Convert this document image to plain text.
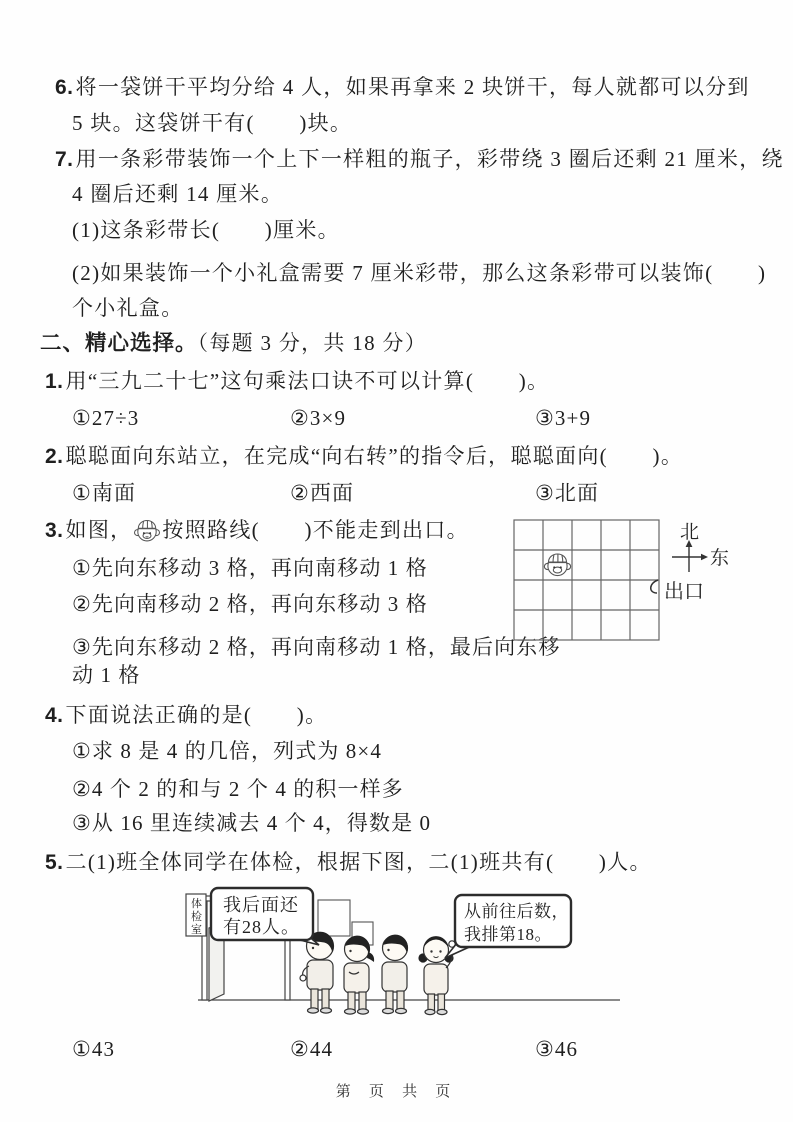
6.将一袋饼干平均分给 4 人，如果再拿来 2 块饼干，每人就都可以分到
5 块。这袋饼干有(　　)块。
7.用一条彩带装饰一个上下一样粗的瓶子，彩带绕 3 圈后还剩 21 厘米，绕
4 圈后还剩 14 厘米。
(1)这条彩带长(　　)厘米。
(2)如果装饰一个小礼盒需要 7 厘米彩带，那么这条彩带可以装饰(　　)
个小礼盒。
二、精心选择。（每题 3 分，共 18 分）
1.用“三九二十七”这句乘法口诀不可以计算(　　)。
①27÷3	②3×9	③3+9
2.聪聪面向东站立，在完成“向右转”的指令后，聪聪面向(　　)。
①南面	②西面	③北面
3.如图， 按照路线(　　)不能走到出口。
①先向东移动 3 格，再向南移动 1 格
②先向南移动 2 格，再向东移动 3 格
③先向东移动 2 格，再向南移动 1 格，最后向东移
动 1 格
北
东
出口
4.下面说法正确的是(　　)。
①求 8 是 4 的几倍，列式为 8×4
②4 个 2 的和与 2 个 4 的积一样多
③从 16 里连续减去 4 个 4，得数是 0
5.二(1)班全体同学在体检，根据下图，二(1)班共有(　　)人。
体
检
室
我后面还
有28人。
从前往后数，
我排第18。
①43	②44	③46
第 页 共 页
